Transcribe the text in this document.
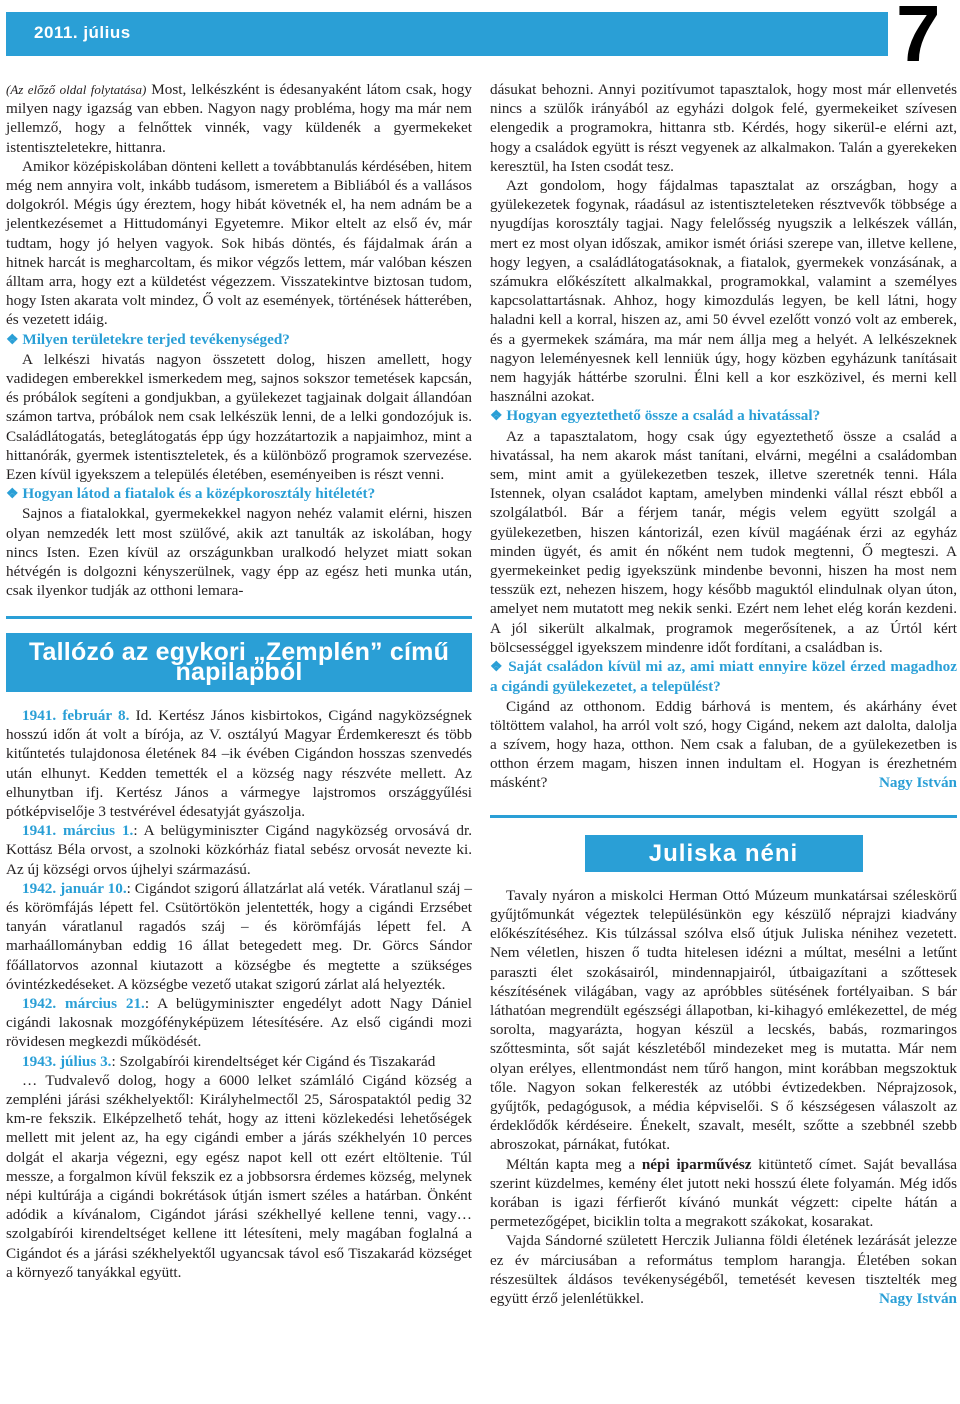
2011. július	7

(Az előző oldal folytatása) Most, lelkészként is édesanyaként látom csak, hogy milyen nagy igazság van ebben. Nagyon nagy probléma, hogy ma már nem jellemző, hogy a felnőttek vinnék, vagy küldenék a gyermekeket istentiszteletekre, hittanra.

Amikor középiskolában dönteni kellett a továbbtanulás kérdésében, hitem még nem annyira volt, inkább tudásom, ismeretem a Bibliából és a vallásos dolgokról. Mégis úgy éreztem, hogy hibát követnék el, ha nem adnám be a jelentkezésemet a Hittudományi Egyetemre. Mikor eltelt az első év, már tudtam, hogy jó helyen vagyok. Sok hibás döntés, és fájdalmak árán a hitnek harcát is megharcoltam, és mikor végzős lettem, már valóban készen álltam arra, hogy ezt a küldetést végezzem. Visszatekintve biztosan tudom, hogy Isten akarata volt mindez, Ő volt az események, történések hátterében, és vezetett idáig.

❖ Milyen területekre terjed tevékenységed?

A lelkészi hivatás nagyon összetett dolog, hiszen amellett, hogy vadidegen emberekkel ismerkedem meg, sajnos sokszor temetések kapcsán, és próbálok segíteni a gondjukban, a gyülekezet tagjainak dolgait állandóan számon tartva, próbálok nem csak lelkészük lenni, de a lelki gondozójuk is. Családlátogatás, beteglátogatás épp úgy hozzátartozik a napjaimhoz, mint a hittanórák, gyermek istentiszteletek, és a különböző programok szervezése. Ezen kívül igyekszem a település életében, eseményeiben is részt venni.

❖ Hogyan látod a fiatalok és a középkorosztály hitéletét?

Sajnos a fiatalokkal, gyermekekkel nagyon nehéz valamit elérni, hiszen olyan nemzedék lett most szülővé, akik azt tanulták az iskolában, hogy nincs Isten. Ezen kívül az országunkban uralkodó helyzet miatt sokan hétvégén is dolgozni kényszerülnek, vagy épp az egész heti munka után, csak ilyenkor tudják az otthoni lemara-

Tallózó az egykori „Zemplén” című napilapból

1941. február 8. Id. Kertész János kisbirtokos, Cigánd nagyközségnek hosszú időn át volt a bírója, az V. osztályú Magyar Érdemkereszt és több kitűntetés tulajdonosa életének 84 –ik évében Cigándon hosszas szenvedés után elhunyt. Kedden temették el a község nagy részvéte mellett. Az elhunytban ifj. Kertész János a vármegye lajstromos országgyűlési pótképviselője 3 testvérével édesatyját gyászolja.

1941. március 1.: A belügyminiszter Cigánd nagyközség orvosává dr. Kottász Béla orvost, a szolnoki közkórház fiatal sebész orvosát nevezte ki. Az új községi orvos újhelyi származású.

1942. január 10.: Cigándot szigorú állatzárlat alá veték. Váratlanul száj – és körömfájás lépett fel. Csütörtökön jelentették, hogy a cigándi Erzsébet tanyán váratlanul ragadós száj – és körömfájás lépett fel. A marhaállományban eddig 16 állat betegedett meg. Dr. Görcs Sándor főállatorvos azonnal kiutazott a községbe és megtette a szükséges óvintézkedéseket. A községbe vezető utakat szigorú zárlat alá helyezték.

1942. március 21.: A belügyminiszter engedélyt adott Nagy Dániel cigándi lakosnak mozgófényképüzem létesítésére. Az első cigándi mozi rövidesen megkezdi működését.

1943. július 3.: Szolgabírói kirendeltséget kér Cigánd és Tiszakarád

… Tudvalevő dolog, hogy a 6000 lelket számláló Cigánd község a zempléni járási székhelyektől: Királyhelmectől 25, Sárospataktól pedig 32 km-re fekszik. Elképzelhető tehát, hogy az itteni közlekedési lehetőségek mellett mit jelent az, ha egy cigándi ember a járás székhelyén 10 perces dolgát el akarja végezni, egy egész napot kell ott ezért eltöltenie. Túl messze, a forgalmon kívül fekszik ez a jobbsorsra érdemes község, melynek népi kultúrája a cigándi bokrétások útján ismert széles a határban. Önként adódik a kívánalom, Cigándot járási székhellyé kellene tenni, vagy… szolgabírói kirendeltséget kellene itt létesíteni, mely magában foglalná a Cigándot és a járási székhelyektől ugyancsak távol eső Tiszakarád községet a környező tanyákkal együtt.

dásukat behozni. Annyi pozitívumot tapasztalok, hogy most már ellenvetés nincs a szülők irányából az egyházi dolgok felé, gyermekeiket szívesen elengedik a programokra, hittanra stb. Kérdés, hogy sikerül-e elérni azt, hogy a családok együtt is részt vegyenek az alkalmakon. Talán a gyerekeken keresztül, ha Isten csodát tesz.

Azt gondolom, hogy fájdalmas tapasztalat az országban, hogy a gyülekezetek fogynak, ráadásul az istentiszteleteken résztvevők többsége a nyugdíjas korosztály tagjai. Nagy felelősség nyugszik a lelkészek vállán, mert ez most olyan időszak, amikor ismét óriási szerepe van, illetve kellene, hogy legyen, a családlátogatásoknak, a fiatalok, gyermekek vonzásának, a számukra előkészített alkalmakkal, programokkal, valamint a személyes kapcsolattartásnak. Ahhoz, hogy kimozdulás legyen, be kell látni, hogy haladni kell a korral, hiszen az, ami 50 évvel ezelőtt vonzó volt az emberek, és a gyermekek számára, ma már nem állja meg a helyét. A lelkészeknek nagyon leleményesnek kell lenniük úgy, hogy közben egyházunk tanításait nem hagyják háttérbe szorulni. Élni kell a kor eszközivel, és merni kell használni azokat.

❖ Hogyan egyeztethető össze a család a hivatással?

Az a tapasztalatom, hogy csak úgy egyeztethető össze a család a hivatással, ha nem akarok mást tanítani, elvárni, megélni a családomban sem, mint amit a gyülekezetben teszek, illetve szeretnék tenni. Hála Istennek, olyan családot kaptam, amelyben mindenki vállal részt ebből a szolgálatból. Bár a férjem tanár, mégis velem együtt szolgál a gyülekezetben, hiszen kántorizál, ezen kívül magáénak érzi az egyház minden ügyét, és amit én nőként nem tudok megtenni, Ő megteszi. A gyermekeinket pedig igyekszünk mindenbe bevonni, hiszen ha most nem tesszük ezt, nehezen hiszem, hogy később maguktól elindulnak olyan úton, amelyet nem mutatott meg nekik senki. Ezért nem lehet elég korán kezdeni. A jól sikerült alkalmak, programok megerősítenek, a az Úrtól kért bölcsességgel igyekszem mindenre időt fordítani, a családban is.

❖ Saját családon kívül mi az, ami miatt ennyire közel érzed magadhoz a cigándi gyülekezetet, a települést?

Cigánd az otthonom. Eddig bárhová is mentem, és akárhány évet töltöttem valahol, ha arról volt szó, hogy Cigánd, nekem azt dalolta, dalolja a szívem, hogy haza, otthon. Nem csak a faluban, de a gyülekezetben is otthon érzem magam, hiszen innen indultam el. Hogyan is érezhetném másként?	Nagy István

Juliska néni

Tavaly nyáron a miskolci Herman Ottó Múzeum munkatársai széleskörű gyűjtőmunkát végeztek településünkön egy készülő néprajzi kiadvány előkészítéséhez. Kis túlzással szólva első útjuk Juliska nénihez vezetett. Nem véletlen, hiszen ő tudta hitelesen idézni a múltat, mesélni a letűnt paraszti élet szokásairól, mindennapjairól, útbaigazítani a szőttesek készítésének világában, vagy az apróbbles sütésének fortélyaiban. S bár láthatóan megrendült egészségi állapotban, ki-kihagyó emlékezettel, de még sorolta, magyarázta, hogyan készül a lecskés, babás, rozmaringos szőttesminta, sőt saját készletéből mindezeket meg is mutatta. Már nem olyan erélyes, ellentmondást nem tűrő hangon, mint korábban megszoktuk tőle. Nagyon sokan felkeresték az utóbbi évtizedekben. Néprajzosok, gyűjtők, pedagógusok, a média képviselői. S ő készségesen válaszolt az érdeklődők kérdéseire. Énekelt, szavalt, mesélt, szőtte a szebbnél szebb abroszokat, párnákat, futókat.

Méltán kapta meg a népi iparművész kitüntető címet. Saját bevallása szerint küzdelmes, kemény élet jutott neki hosszú élete folyamán. Még idős korában is igazi férfierőt kívánó munkát végzett: cipelte hátán a permetezőgépet, biciklin tolta a megrakott szákokat, kosarakat.

Vajda Sándorné született Herczik Julianna földi életének lezárását jelezze ez év márciusában a református templom harangja. Életében sokan részesültek áldásos tevékenységéből, temetését kevesen tisztelték meg együtt érző jelenlétükkel.	Nagy István
